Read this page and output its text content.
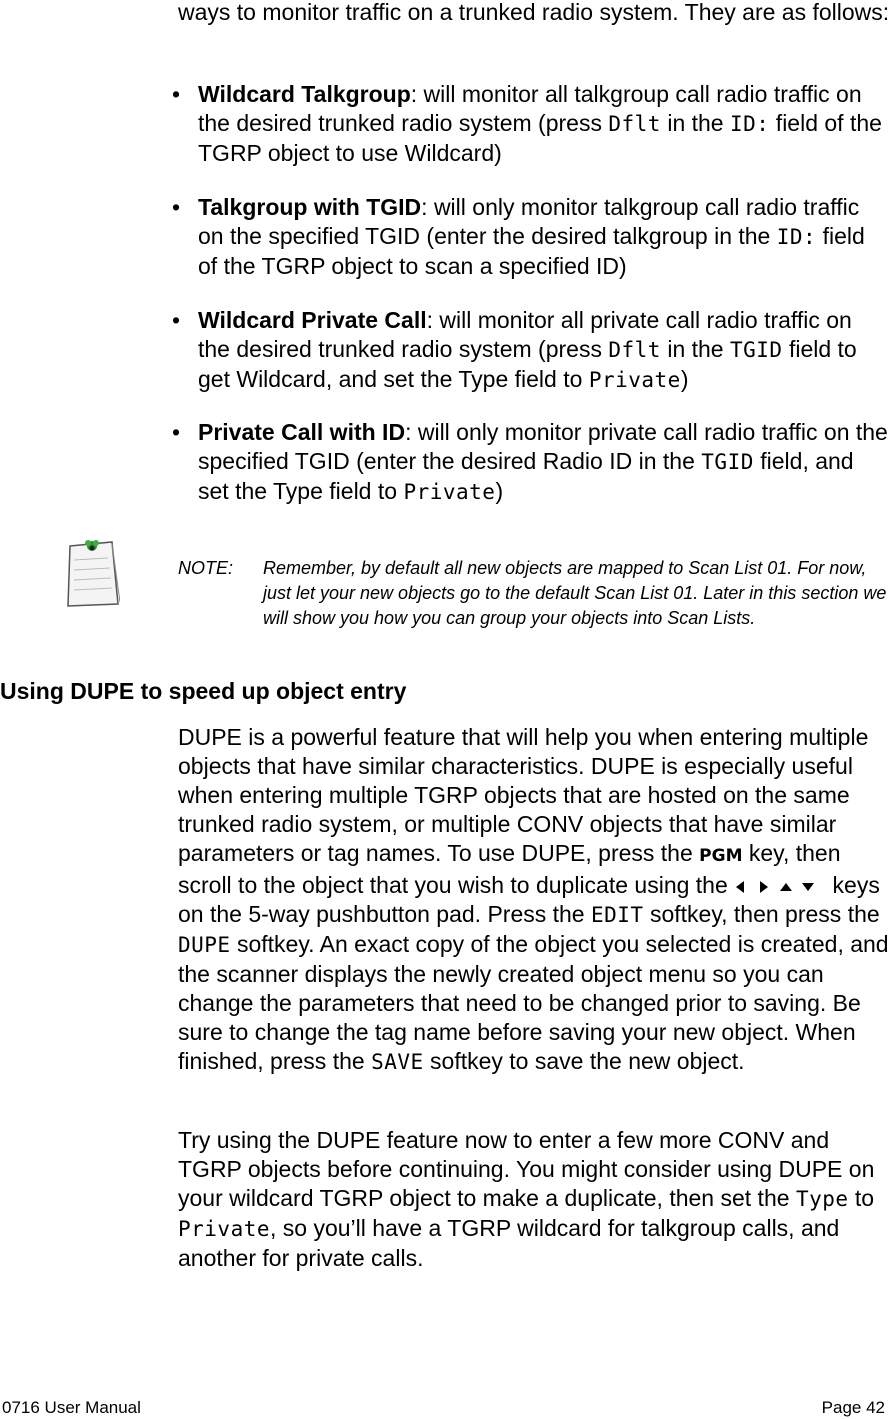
ways to monitor traffic on a trunked radio system. They are as follows:

• Wildcard Talkgroup: will monitor all talkgroup call radio traffic on the desired trunked radio system (press Dflt in the ID: field of the TGRP object to use Wildcard)
• Talkgroup with TGID: will only monitor talkgroup call radio traffic on the specified TGID (enter the desired talkgroup in the ID: field of the TGRP object to scan a specified ID)
• Wildcard Private Call: will monitor all private call radio traffic on the desired trunked radio system (press Dflt in the TGID field to get Wildcard, and set the Type field to Private)
• Private Call with ID: will only monitor private call radio traffic on the specified TGID (enter the desired Radio ID in the TGID field, and set the Type field to Private)
NOTE: Remember, by default all new objects are mapped to Scan List 01. For now, just let your new objects go to the default Scan List 01. Later in this section we will show you how you can group your objects into Scan Lists.
Using DUPE to speed up object entry

DUPE is a powerful feature that will help you when entering multiple objects that have similar characteristics. DUPE is especially useful when entering multiple TGRP objects that are hosted on the same trunked radio system, or multiple CONV objects that have similar parameters or tag names. To use DUPE, press the PGM key, then scroll to the object that you wish to duplicate using the	keys on the 5-way pushbutton pad. Press the EDIT softkey, then press the DUPE softkey. An exact copy of the object you selected is created, and the scanner displays the newly created object menu so you can change the parameters that need to be changed prior to saving. Be sure to change the tag name before saving your new object. When finished, press the SAVE softkey to save the new object.

Try using the DUPE feature now to enter a few more CONV and TGRP objects before continuing. You might consider using DUPE on your wildcard TGRP object to make a duplicate, then set the Type to Private, so you’ll have a TGRP wildcard for talkgroup calls, and another for private calls.

0716 User Manual	Page 42
